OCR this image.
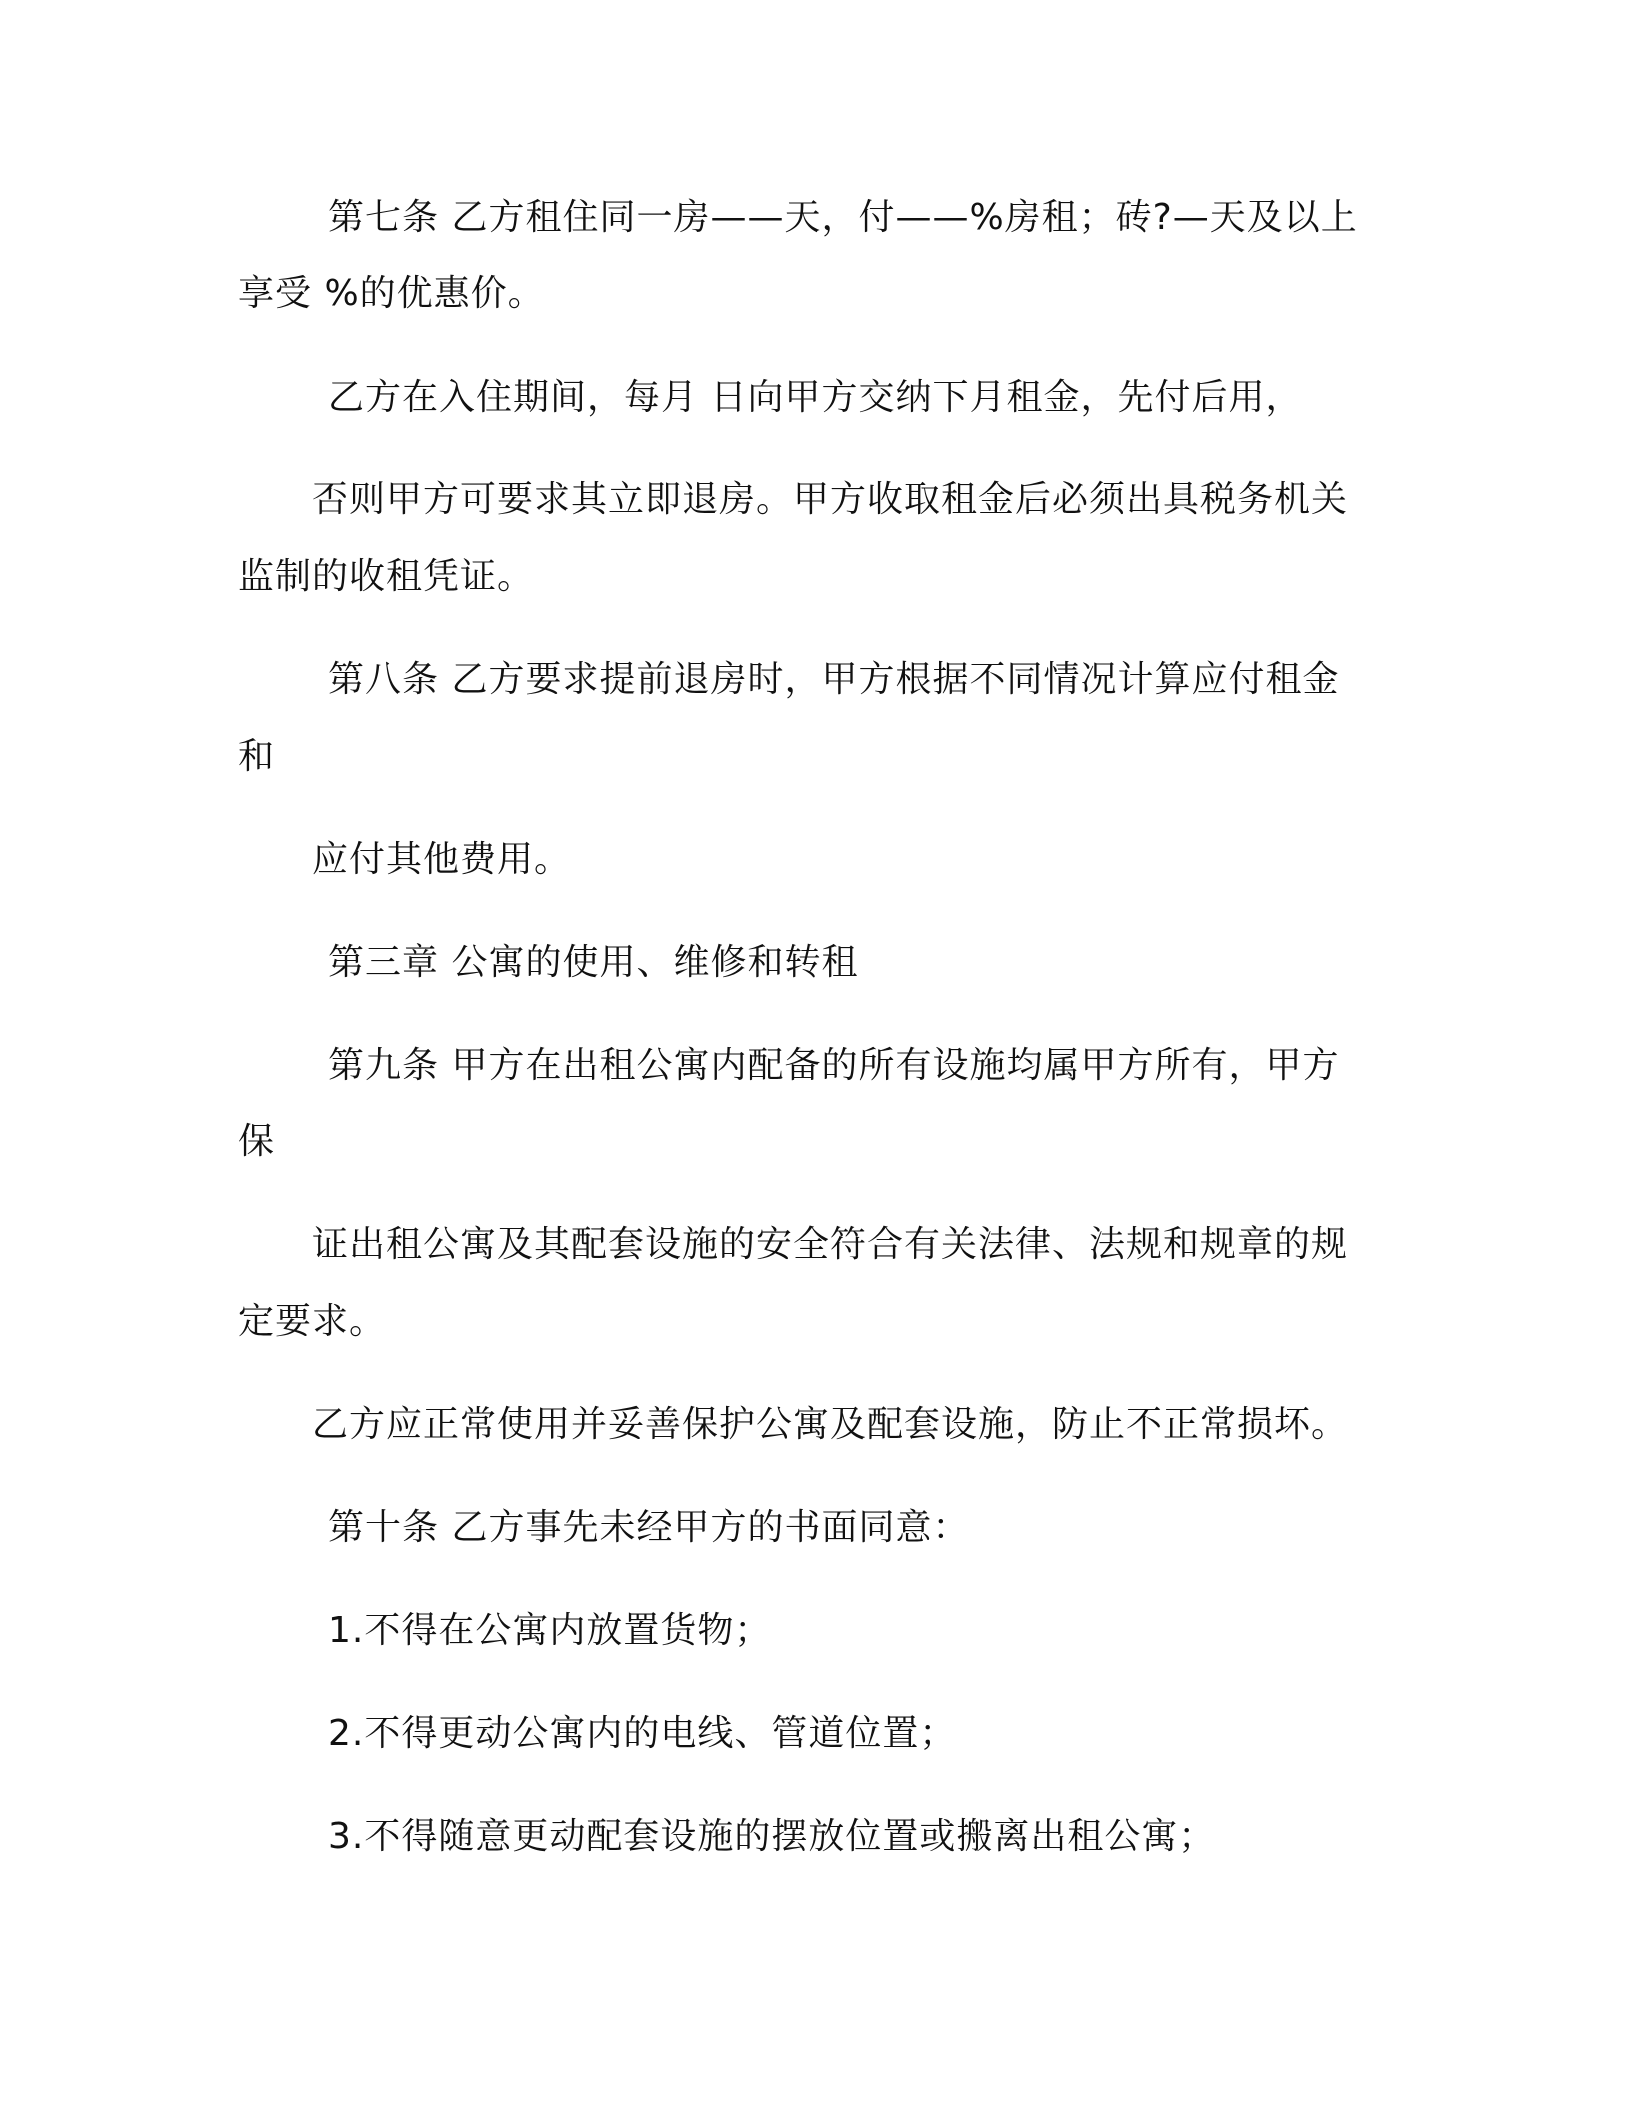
第七条 乙方租住同一房——天，付——%房租；砖?—天及以上

享受 %的优惠价。

乙方在入住期间，每月 日向甲方交纳下月租金，先付后用，

否则甲方可要求其立即退房。甲方收取租金后必须出具税务机关

监制的收租凭证。

第八条 乙方要求提前退房时，甲方根据不同情况计算应付租金

和

应付其他费用。

第三章 公寓的使用、维修和转租

第九条 甲方在出租公寓内配备的所有设施均属甲方所有，甲方

保

证出租公寓及其配套设施的安全符合有关法律、法规和规章的规

定要求。

乙方应正常使用并妥善保护公寓及配套设施，防止不正常损坏。

第十条 乙方事先未经甲方的书面同意：

1.不得在公寓内放置货物；

2.不得更动公寓内的电线、管道位置；

3.不得随意更动配套设施的摆放位置或搬离出租公寓；
